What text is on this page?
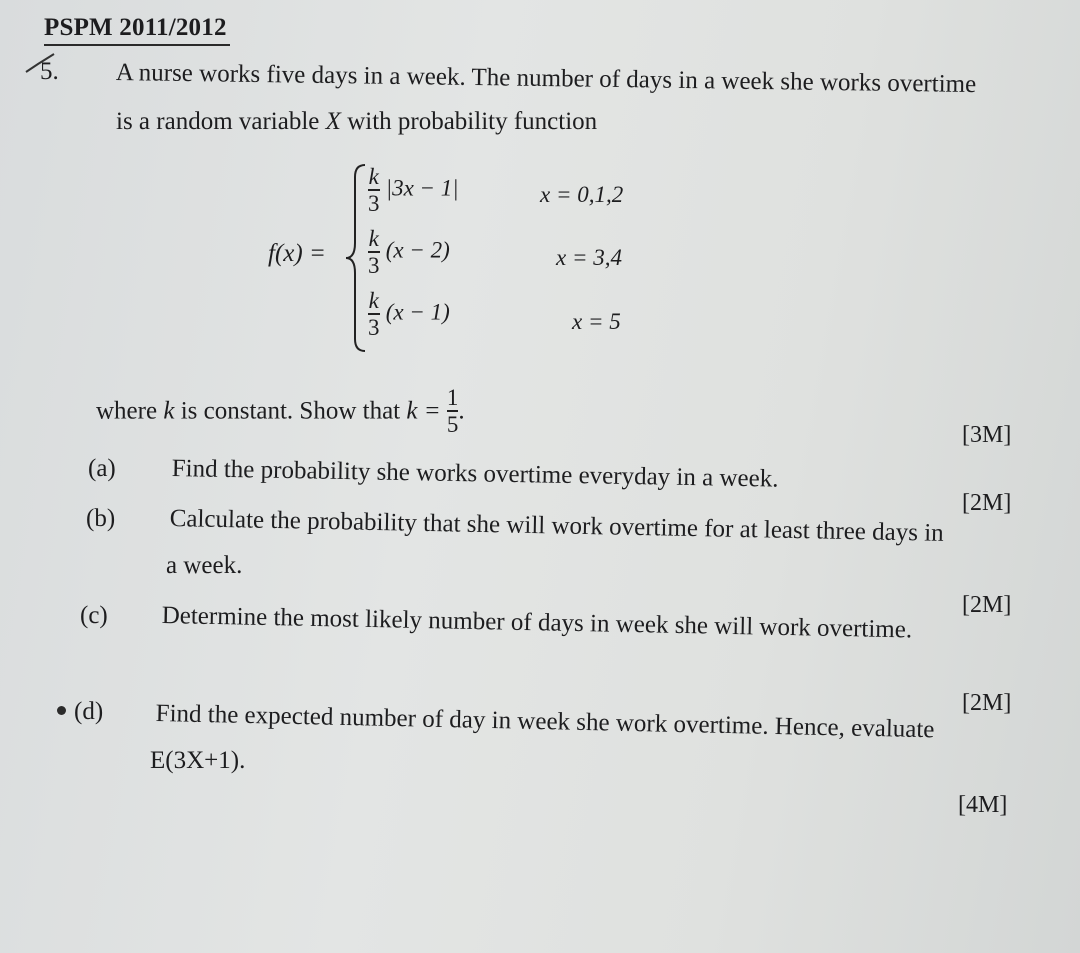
PSPM 2011/2012
5. A nurse works five days in a week. The number of days in a week she works overtime
is a random variable X with probability function
f(x) =
$\frac{k}{3} |3x - 1|$	x = 0,1,2
$\frac{k}{3} (x - 2)$	x = 3,4
$\frac{k}{3} (x - 1)$	x = 5
where k is constant. Show that $k = \frac{1}{5}$ .
[3M]
(a) Find the probability she works overtime everyday in a week.
[2M]
(b) Calculate the probability that she will work overtime for at least three days in
a week.
[2M]
(c) Determine the most likely number of days in week she will work overtime.
[2M]
(d) Find the expected number of day in week she work overtime. Hence, evaluate
E(3X+1).
[4M]
